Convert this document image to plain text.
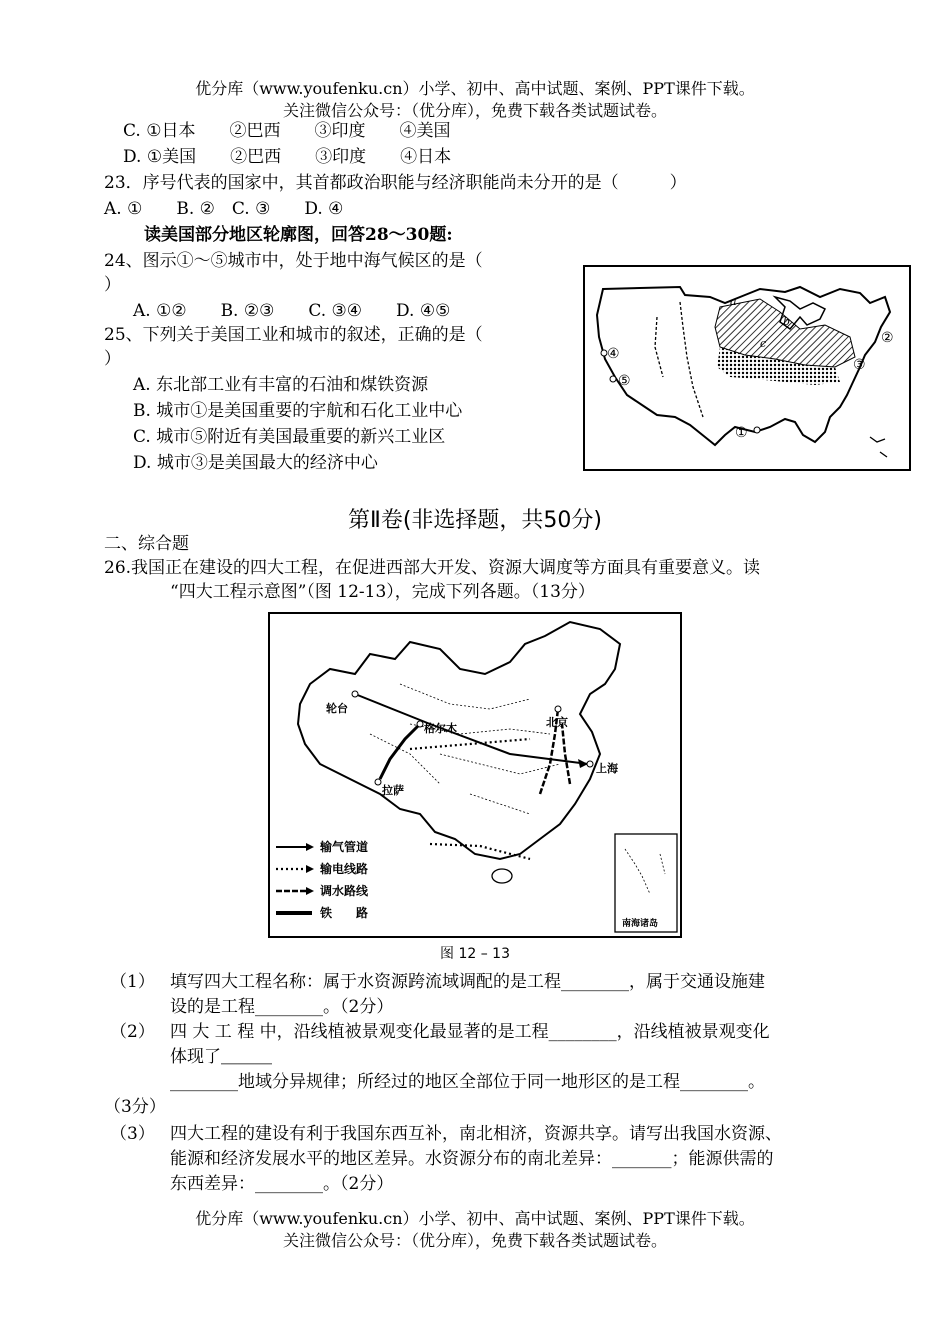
优分库（www.youfenku.cn）小学、初中、高中试题、案例、PPT课件下载。
关注微信公众号：（优分库），免费下载各类试题试卷。
C. ①日本　　②巴西　　③印度　　④美国
D. ①美国　　②巴西　　③印度　　④日本
23．序号代表的国家中，其首都政治职能与经济职能尚未分开的是（　　　）
A. ①　　B. ②　C. ③　　D. ④
读美国部分地区轮廓图，回答28～30题:
24、图示①～⑤城市中，处于地中海气候区的是（
）
A. ①②　　B. ②③　　C. ③④　　D. ④⑤
25、下列关于美国工业和城市的叙述，正确的是（
）
A. 东北部工业有丰富的石油和煤铁资源
B. 城市①是美国重要的宇航和石化工业中心
C. 城市⑤附近有美国最重要的新兴工业区
D. 城市③是美国最大的经济中心
④
⑤
①
②
③
a
b
c
第Ⅱ卷(非选择题，共50分)
二、综合题
26.我国正在建设的四大工程，在促进西部大开发、资源大调度等方面具有重要意义。读
“四大工程示意图”（图 12-13），完成下列各题。（13分）
轮台
格尔木
拉萨
上海
北京
南海诸岛
输气管道
输电线路
调水路线
铁　　路
图 12 – 13
（1） 填写四大工程名称：属于水资源跨流域调配的是工程________，属于交通设施建
设的是工程________。（2分）
（2） 四 大 工 程 中，沿线植被景观变化最显著的是工程________，沿线植被景观变化
体现了＿＿＿
________地域分异规律；所经过的地区全部位于同一地形区的是工程________。
（3分）
（3） 四大工程的建设有利于我国东西互补，南北相济，资源共享。请写出我国水资源、
能源和经济发展水平的地区差异。水资源分布的南北差异：_______；能源供需的
东西差异：________。（2分）
优分库（www.youfenku.cn）小学、初中、高中试题、案例、PPT课件下载。
关注微信公众号：（优分库），免费下载各类试题试卷。
